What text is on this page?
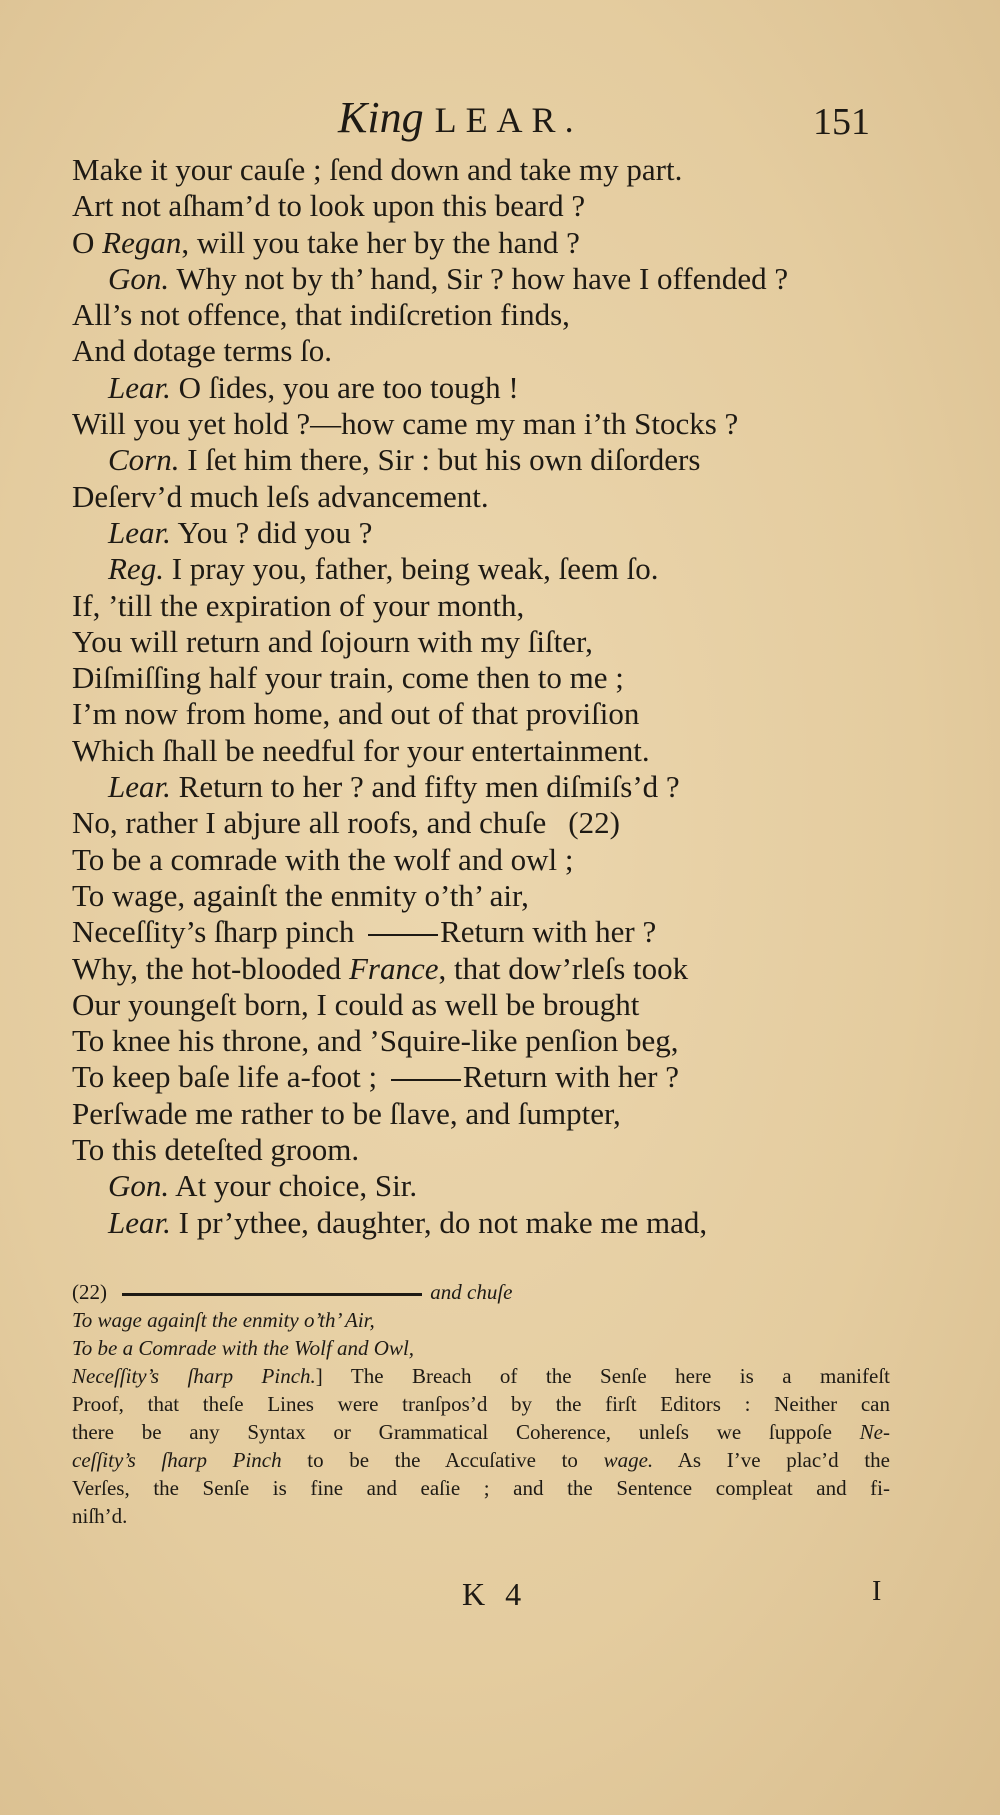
King LEAR.	151
Make it your cauſe ; ſend down and take my part.
Art not aſham’d to look upon this beard ?
O Regan, will you take her by the hand ?
Gon. Why not by th’ hand, Sir ? how have I offended ?
All’s not offence, that indiſcretion finds,
And dotage terms ſo.
Lear. O ſides, you are too tough !
Will you yet hold ?—how came my man i’th Stocks ?
Corn. I ſet him there, Sir : but his own diſorders
Deſerv’d much leſs advancement.
Lear. You ? did you ?
Reg. I pray you, father, being weak, ſeem ſo.
If, ’till the expiration of your month,
You will return and ſojourn with my ſiſter,
Diſmiſſing half your train, come then to me ;
I’m now from home, and out of that proviſion
Which ſhall be needful for your entertainment.
Lear. Return to her ? and fifty men diſmiſs’d ?
No, rather I abjure all roofs, and chuſe (22)
To be a comrade with the wolf and owl ;
To wage, againſt the enmity o’th’ air,
Neceſſity’s ſharp pinch	Return with her ?
Why, the hot-blooded France, that dow’rleſs took
Our youngeſt born, I could as well be brought
To knee his throne, and ’Squire-like penſion beg,
To keep baſe life a-foot ;	Return with her ?
Perſwade me rather to be ſlave, and ſumpter,
To this deteſted groom.
Gon. At your choice, Sir.
Lear. I pr’ythee, daughter, do not make me mad,
(22)	and chuſe
To wage againſt the enmity o’th’ Air,
To be a Comrade with the Wolf and Owl,
Neceſſity’s ſharp Pinch.] The Breach of the Senſe here is a manifeſt
Proof, that theſe Lines were tranſpos’d by the firſt Editors : Neither can
there be any Syntax or Grammatical Coherence, unleſs we ſuppoſe Ne-
ceſſity’s ſharp Pinch to be the Accuſative to wage. As I’ve plac’d the
Verſes, the Senſe is fine and eaſie ; and the Sentence compleat and fi-
niſh’d.
K 4	I
